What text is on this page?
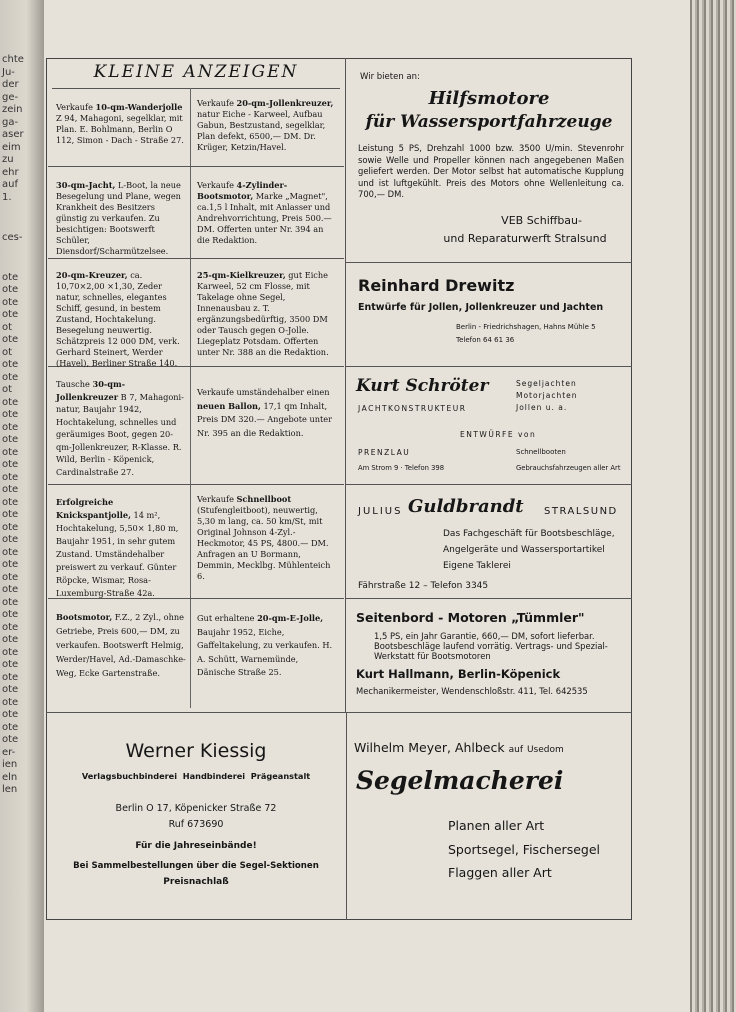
chte
Ju-
der
ge-
zein
ga-
aser
eim
zu
ehr
auf
1.
ces-
ote
ote
ote
ote
ot
ote
ot
ote
ote
ot
ote
ote
ote
ote
ote
ote
ote
ote
ote
ote
ote
ote
ote
ote
ote
ote
ote
ote
ote
ote
ote
ote
ote
ote
ote
ote
ote
ote
er-
ien
eln
len
KLEINE ANZEIGEN
Verkaufe 10-qm-Wanderjolle Z 94, Mahagoni, segelklar, mit Plan. E. Bohlmann, Berlin O 112, Simon - Dach - Straße 27.
Verkaufe 20-qm-Jollenkreuzer, natur Eiche - Karweel, Aufbau Gabun, Bestzustand, segelklar, Plan defekt, 6500,— DM. Dr. Krüger, Ketzin/Havel.
30-qm-Jacht, L-Boot, la neue Besegelung und Plane, wegen Krankheit des Besitzers günstig zu verkaufen. Zu besichtigen: Bootswerft Schüler, Diensdorf/Scharmützelsee.
Verkaufe 4-Zylinder-Bootsmotor, Marke „Magnet", ca.1,5 l Inhalt, mit Anlasser und Andrehvorrichtung, Preis 500.— DM. Offerten unter Nr. 394 an die Redaktion.
20-qm-Kreuzer, ca. 10,70×2,00 ×1,30, Zeder natur, schnelles, elegantes Schiff, gesund, in bestem Zustand, Hochtakelung. Besegelung neuwertig. Schätzpreis 12 000 DM, verk. Gerhard Steinert, Werder (Havel), Berliner Straße 140.
25-qm-Kielkreuzer, gut Eiche Karweel, 52 cm Flosse, mit Takelage ohne Segel, Innenausbau z. T. ergänzungsbedürftig, 3500 DM oder Tausch gegen O-Jolle. Liegeplatz Potsdam. Offerten unter Nr. 388 an die Redaktion.
Tausche 30-qm-Jollenkreuzer B 7, Mahagoni-natur, Baujahr 1942, Hochtakelung, schnelles und geräumiges Boot, gegen 20-qm-Jollenkreuzer, R-Klasse. R. Wild, Berlin - Köpenick, Cardinalstraße 27.
Verkaufe umständehalber einen neuen Ballon, 17,1 qm Inhalt, Preis DM 320.— Angebote unter Nr. 395 an die Redaktion.
Erfolgreiche Knickspantjolle, 14 m², Hochtakelung, 5,50× 1,80 m, Baujahr 1951, in sehr gutem Zustand. Umständehalber preiswert zu verkauf. Günter Röpcke, Wismar, Rosa-Luxemburg-Straße 42a.
Verkaufe Schnellboot (Stufengleitboot), neuwertig, 5,30 m lang, ca. 50 km/St, mit Original Johnson 4-Zyl.-Heckmotor, 45 PS, 4800.— DM. Anfragen an U Bormann, Demmin, Mecklbg. Mühlenteich 6.
Bootsmotor, F.Z., 2 Zyl., ohne Getriebe, Preis 600,— DM, zu verkaufen. Bootswerft Helmig, Werder/Havel, Ad.-Damaschke-Weg, Ecke Gartenstraße.
Gut erhaltene 20-qm-E-Jolle, Baujahr 1952, Eiche, Gaffeltakelung, zu verkaufen. H. A. Schütt, Warnemünde, Dänische Straße 25.
Wir bieten an:
Hilfsmotore
für Wassersportfahrzeuge
Leistung 5 PS, Drehzahl 1000 bzw. 3500 U/min. Stevenrohr sowie Welle und Propeller können nach angegebenen Maßen geliefert werden. Der Motor selbst hat automatische Kupplung und ist luftgekühlt. Preis des Motors ohne Wellenleitung ca. 700,— DM.
VEB Schiffbau-
und Reparaturwerft Stralsund
Reinhard Drewitz
Entwürfe für Jollen, Jollenkreuzer und Jachten
Berlin - Friedrichshagen, Hahns Mühle 5
Telefon 64 61 36
Kurt Schröter
JACHTKONSTRUKTEUR
Segeljachten
Motorjachten
Jollen u. a.
ENTWÜRFE von
PRENZLAU
Am Strom 9 · Telefon 398
Schnellbooten
Gebrauchsfahrzeugen aller Art
JULIUS Guldbrandt STRALSUND
Das Fachgeschäft für Bootsbeschläge,
Angelgeräte und Wassersportartikel
Eigene Taklerei
Fährstraße 12 – Telefon 3345
Seitenbord - Motoren „Tümmler"
1,5 PS, ein Jahr Garantie, 660,— DM, sofort lieferbar. Bootsbeschläge laufend vorrätig. Vertrags- und Spezial-Werkstatt für Bootsmotoren
Kurt Hallmann, Berlin-Köpenick
Mechanikermeister, Wendenschloßstr. 411, Tel. 642535
Werner Kiessig
Verlagsbuchbinderei  Handbinderei  Prägeanstalt
Berlin O 17, Köpenicker Straße 72
Ruf 673690
Für die Jahreseinbände!
Bei Sammelbestellungen über die Segel-Sektionen
Preisnachlaß
Wilhelm Meyer, Ahlbeck auf Usedom
Segelmacherei
Planen aller Art
Sportsegel, Fischersegel
Flaggen aller Art
